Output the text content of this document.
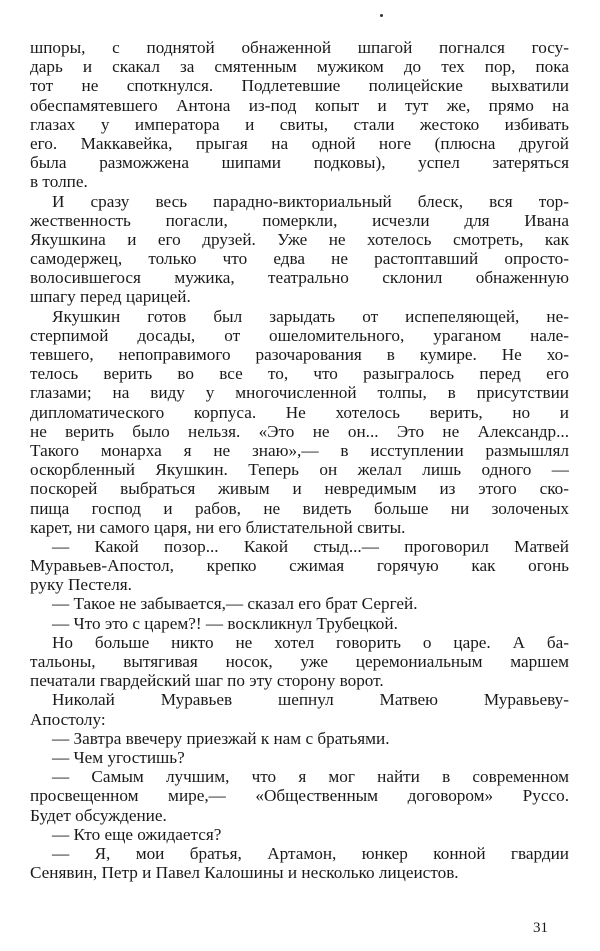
шпоры, с поднятой обнаженной шпагой погнался госу-
дарь и скакал за смятенным мужиком до тех пор, пока
тот не споткнулся. Подлетевшие полицейские выхватили
обеспамятевшего Антона из-под копыт и тут же, прямо на
глазах у императора и свиты, стали жестоко избивать
его. Маккавейка, прыгая на одной ноге (плюсна другой
была разможжена шипами подковы), успел затеряться
в толпе.
И сразу весь парадно-викториальный блеск, вся тор-
жественность погасли, померкли, исчезли для Ивана
Якушкина и его друзей. Уже не хотелось смотреть, как
самодержец, только что едва не растоптавший опросто-
волосившегося мужика, театрально склонил обнаженную
шпагу перед царицей.
Якушкин готов был зарыдать от испепеляющей, не-
стерпимой досады, от ошеломительного, ураганом нале-
тевшего, непоправимого разочарования в кумире. Не хо-
телось верить во все то, что разыгралось перед его
глазами; на виду у многочисленной толпы, в присутствии
дипломатического корпуса. Не хотелось верить, но и
не верить было нельзя. «Это не он... Это не Александр...
Такого монарха я не знаю»,— в исступлении размышлял
оскорбленный Якушкин. Теперь он желал лишь одного —
поскорей выбраться живым и невредимым из этого ско-
пища господ и рабов, не видеть больше ни золоченых
карет, ни самого царя, ни его блистательной свиты.
— Какой позор... Какой стыд...— проговорил Матвей
Муравьев-Апостол, крепко сжимая горячую как огонь
руку Пестеля.
— Такое не забывается,— сказал его брат Сергей.
— Что это с царем?! — воскликнул Трубецкой.
Но больше никто не хотел говорить о царе. А ба-
тальоны, вытягивая носок, уже церемониальным маршем
печатали гвардейский шаг по эту сторону ворот.
Николай Муравьев шепнул Матвею Муравьеву-
Апостолу:
— Завтра ввечеру приезжай к нам с братьями.
— Чем угостишь?
— Самым лучшим, что я мог найти в современном
просвещенном мире,— «Общественным договором» Руссо.
Будет обсуждение.
— Кто еще ожидается?
— Я, мои братья, Артамон, юнкер конной гвардии
Сенявин, Петр и Павел Калошины и несколько лицеистов.
31
